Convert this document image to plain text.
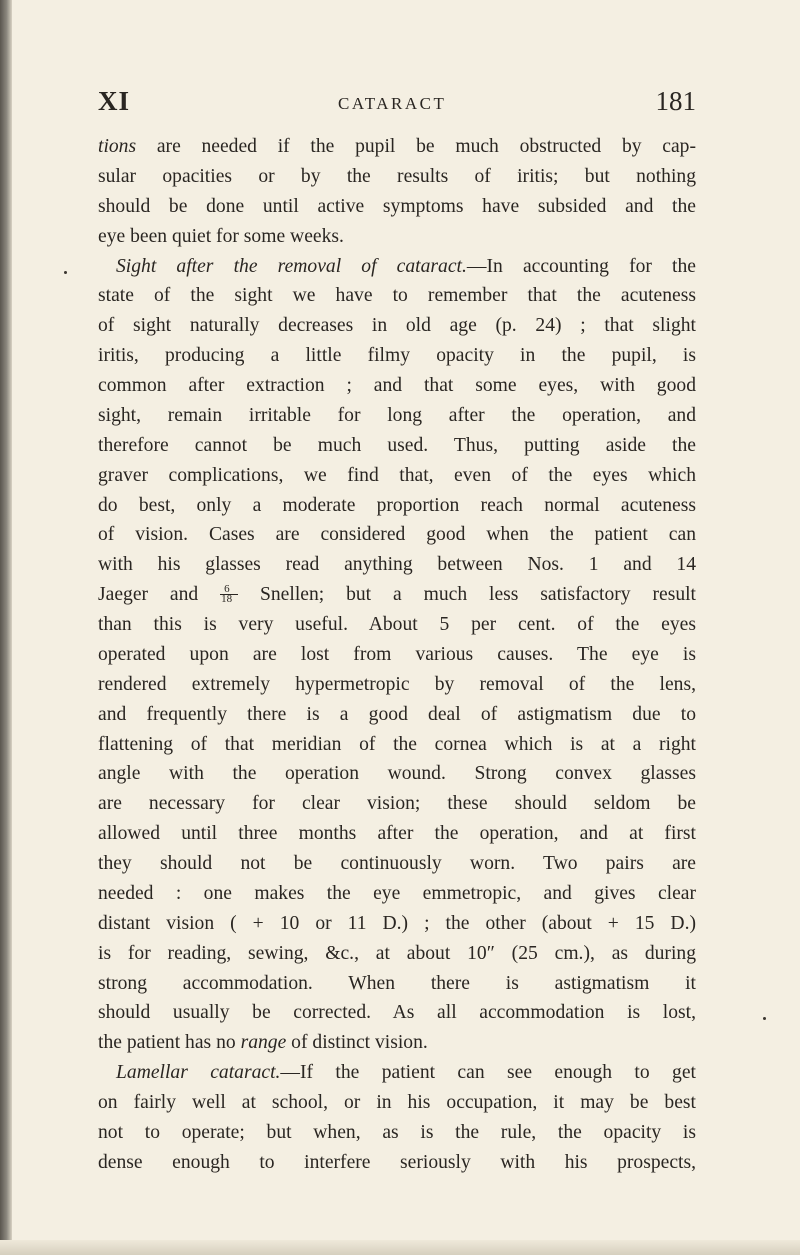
XI	CATARACT	181
tions are needed if the pupil be much obstructed by cap-
sular opacities or by the results of iritis; but nothing
should be done until active symptoms have subsided and the
eye been quiet for some weeks.
Sight after the removal of cataract.—In accounting for the
state of the sight we have to remember that the acuteness
of sight naturally decreases in old age (p. 24) ; that slight
iritis, producing a little filmy opacity in the pupil, is
common after extraction ; and that some eyes, with good
sight, remain irritable for long after the operation, and
therefore cannot be much used. Thus, putting aside the
graver complications, we find that, even of the eyes which
do best, only a moderate proportion reach normal acuteness
of vision. Cases are considered good when the patient can
with his glasses read anything between Nos. 1 and 14
Jaeger and $\frac{6}{18}$ Snellen; but a much less satisfactory result
than this is very useful. About 5 per cent. of the eyes
operated upon are lost from various causes. The eye is
rendered extremely hypermetropic by removal of the lens,
and frequently there is a good deal of astigmatism due to
flattening of that meridian of the cornea which is at a right
angle with the operation wound. Strong convex glasses
are necessary for clear vision; these should seldom be
allowed until three months after the operation, and at first
they should not be continuously worn. Two pairs are
needed : one makes the eye emmetropic, and gives clear
distant vision ( + 10 or 11 D.) ; the other (about + 15 D.)
is for reading, sewing, &c., at about 10″ (25 cm.), as during
strong accommodation. When there is astigmatism it
should usually be corrected. As all accommodation is lost,
the patient has no range of distinct vision.
Lamellar cataract.—If the patient can see enough to get
on fairly well at school, or in his occupation, it may be best
not to operate; but when, as is the rule, the opacity is
dense enough to interfere seriously with his prospects,
